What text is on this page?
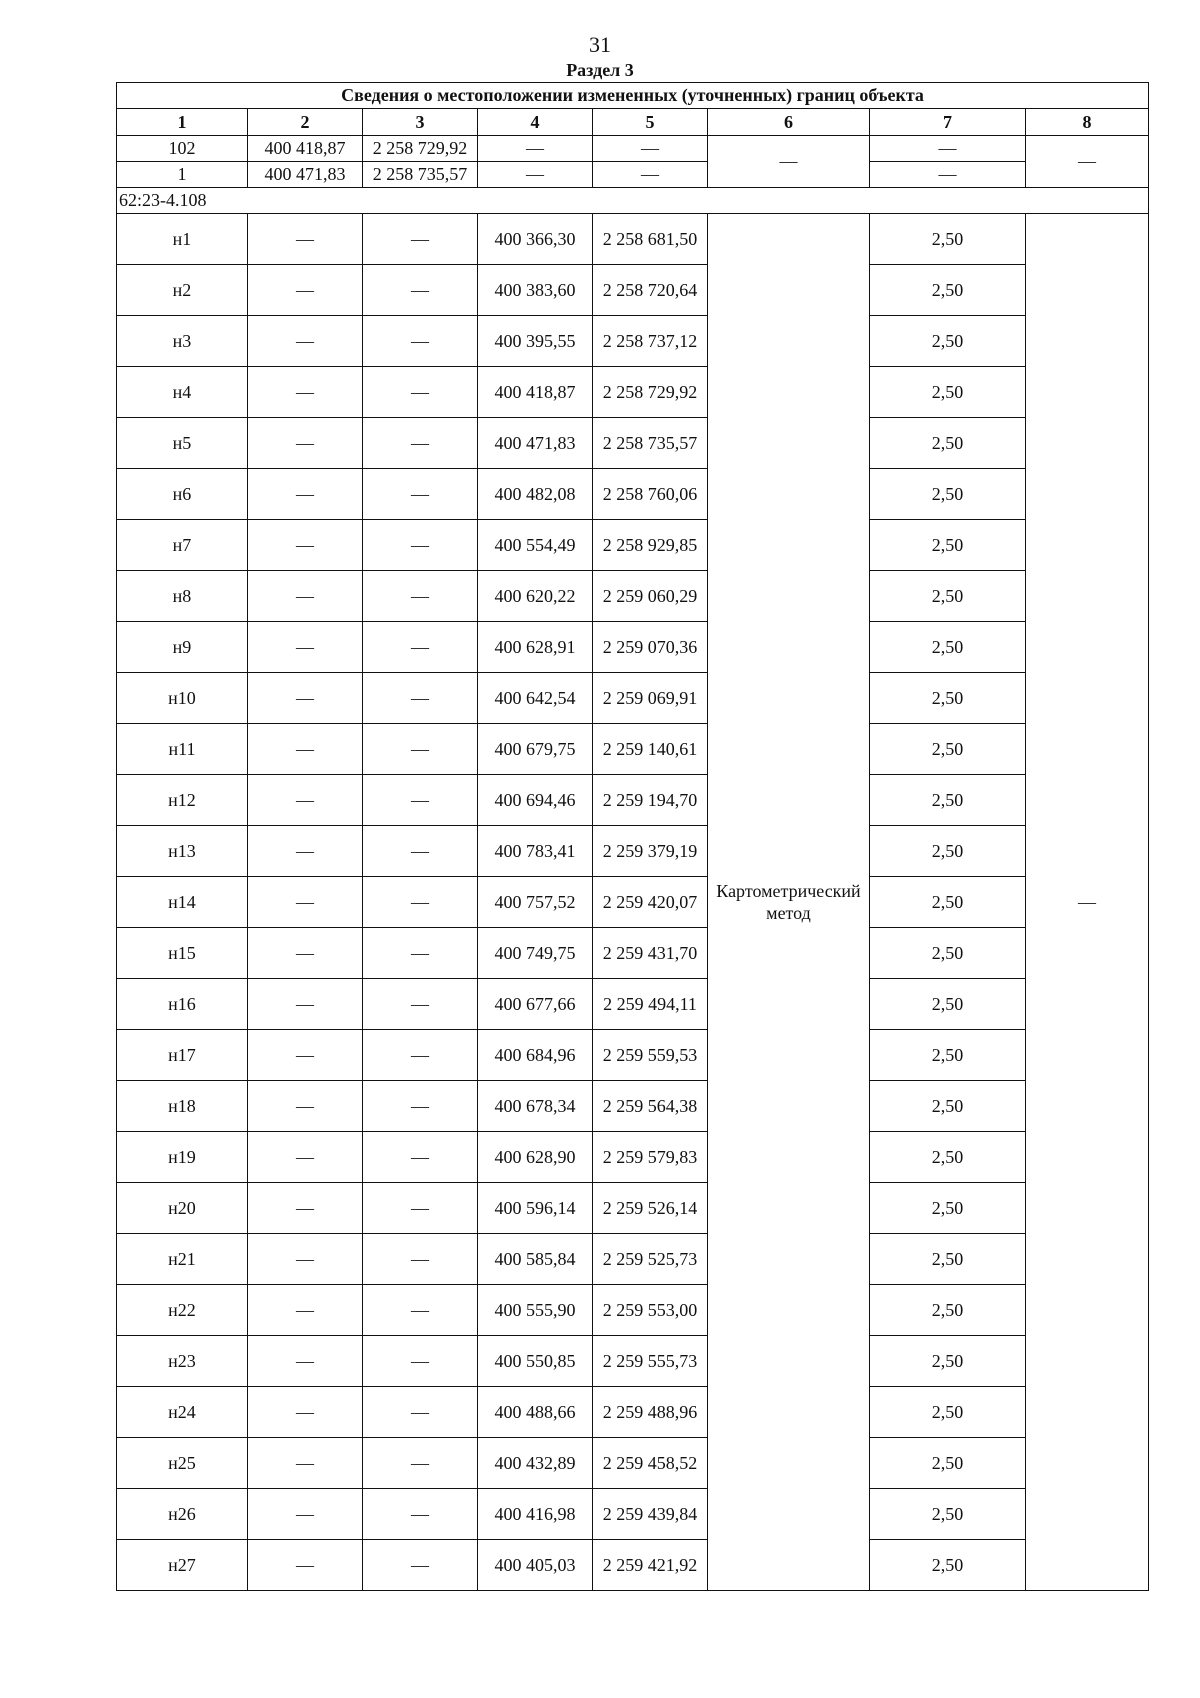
31
Раздел 3
Сведения о местоположении измененных (уточненных) границ объекта							
1	2	3	4	5	6	7	8
102	400 418,87	2 258 729,92	—	—	—	—	—
1	400 471,83	2 258 735,57	—	—		—	
62:23-4.108							
н1	—	—	400 366,30	2 258 681,50	Картометрический метод	2,50	—
н2	—	—	400 383,60	2 258 720,64		2,50	
н3	—	—	400 395,55	2 258 737,12		2,50	
н4	—	—	400 418,87	2 258 729,92		2,50	
н5	—	—	400 471,83	2 258 735,57		2,50	
н6	—	—	400 482,08	2 258 760,06		2,50	
н7	—	—	400 554,49	2 258 929,85		2,50	
н8	—	—	400 620,22	2 259 060,29		2,50	
н9	—	—	400 628,91	2 259 070,36		2,50	
н10	—	—	400 642,54	2 259 069,91		2,50	
н11	—	—	400 679,75	2 259 140,61		2,50	
н12	—	—	400 694,46	2 259 194,70		2,50	
н13	—	—	400 783,41	2 259 379,19		2,50	
н14	—	—	400 757,52	2 259 420,07		2,50	
н15	—	—	400 749,75	2 259 431,70		2,50	
н16	—	—	400 677,66	2 259 494,11		2,50	
н17	—	—	400 684,96	2 259 559,53		2,50	
н18	—	—	400 678,34	2 259 564,38		2,50	
н19	—	—	400 628,90	2 259 579,83		2,50	
н20	—	—	400 596,14	2 259 526,14		2,50	
н21	—	—	400 585,84	2 259 525,73		2,50	
н22	—	—	400 555,90	2 259 553,00		2,50	
н23	—	—	400 550,85	2 259 555,73		2,50	
н24	—	—	400 488,66	2 259 488,96		2,50	
н25	—	—	400 432,89	2 259 458,52		2,50	
н26	—	—	400 416,98	2 259 439,84		2,50	
н27	—	—	400 405,03	2 259 421,92		2,50	
